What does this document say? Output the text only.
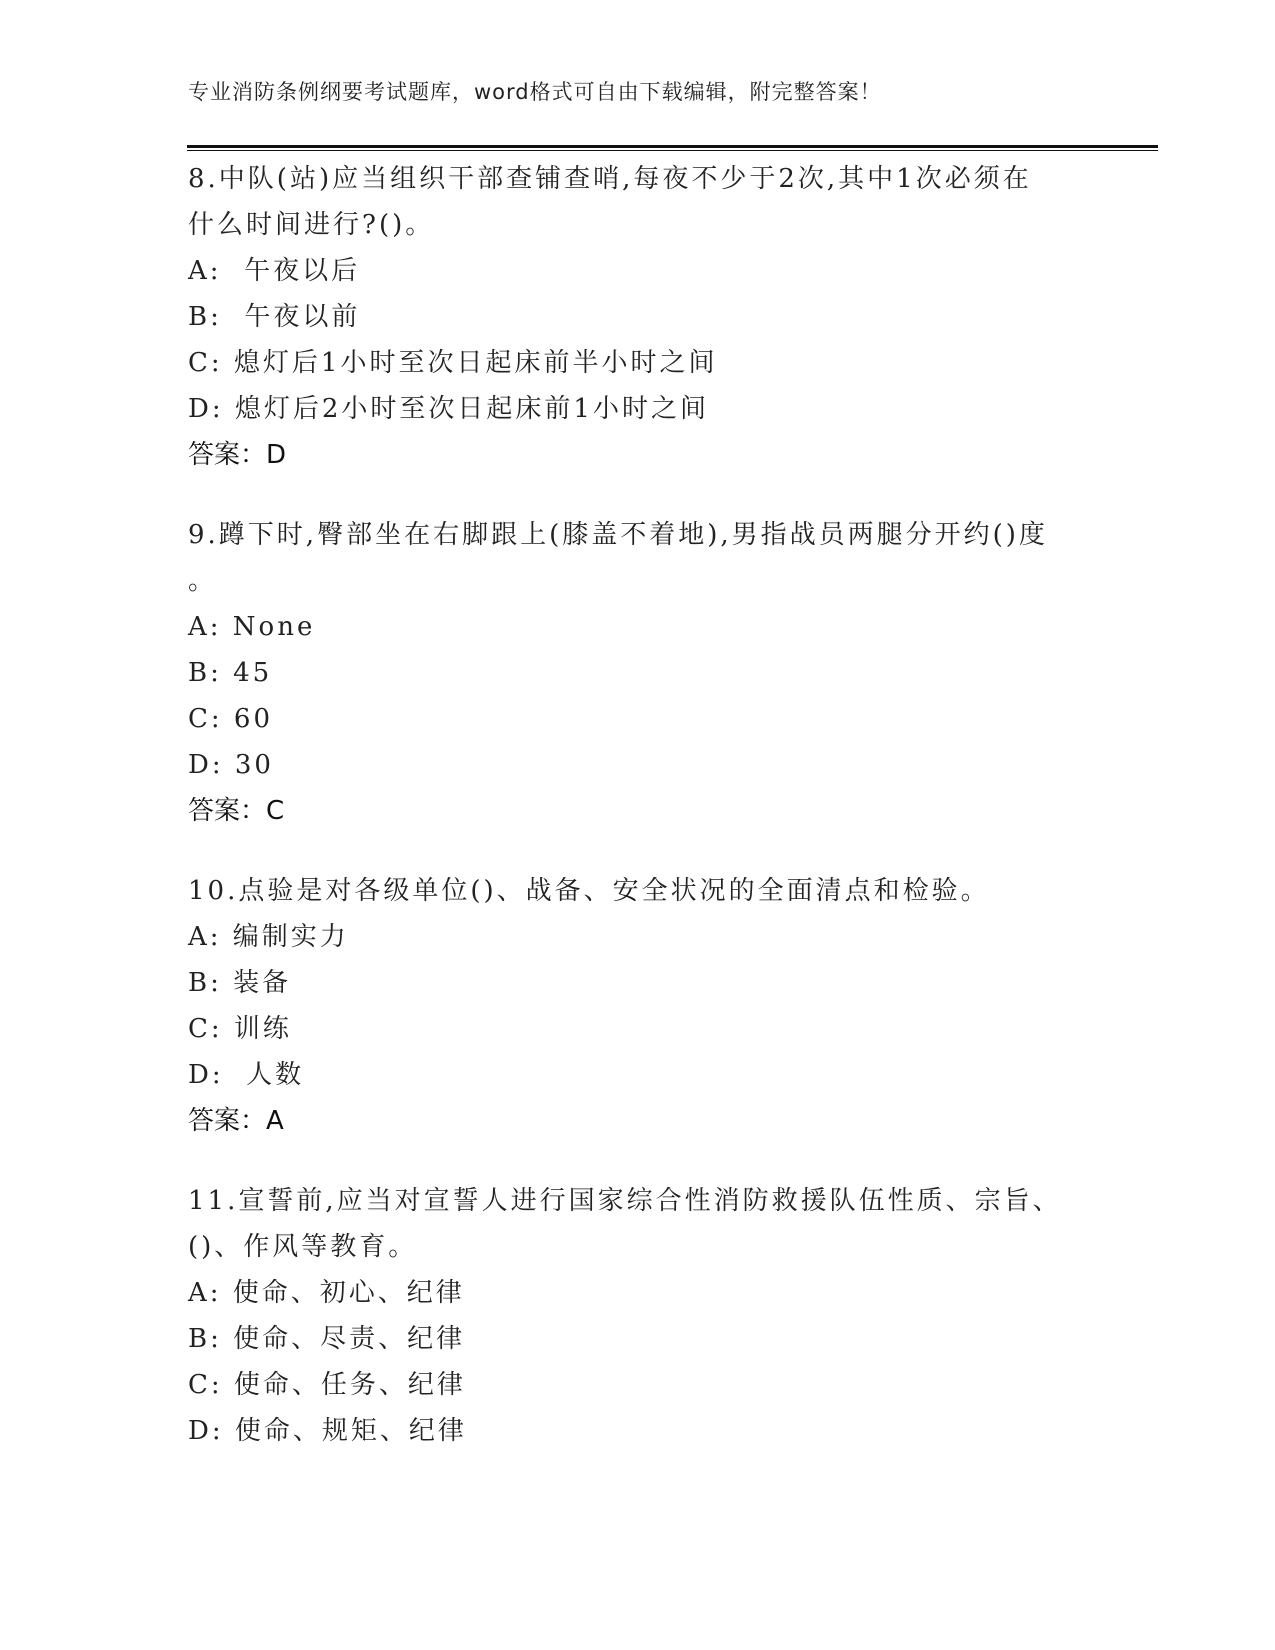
专业消防条例纲要考试题库，word格式可自由下载编辑，附完整答案！
8.中队(站)应当组织干部查铺查哨,每夜不少于2次,其中1次必须在
什么时间进行?()。
A:  午夜以后
B:  午夜以前
C: 熄灯后1小时至次日起床前半小时之间
D: 熄灯后2小时至次日起床前1小时之间
答案：D
9.蹲下时,臀部坐在右脚跟上(膝盖不着地),男指战员两腿分开约()度
。
A: None
B: 45
C: 60
D: 30
答案：C
10.点验是对各级单位()、战备、安全状况的全面清点和检验。
A: 编制实力
B: 装备
C: 训练
D:  人数
答案：A
11.宣誓前,应当对宣誓人进行国家综合性消防救援队伍性质、宗旨、
()、作风等教育。
A: 使命、初心、纪律
B: 使命、尽责、纪律
C: 使命、任务、纪律
D: 使命、规矩、纪律
